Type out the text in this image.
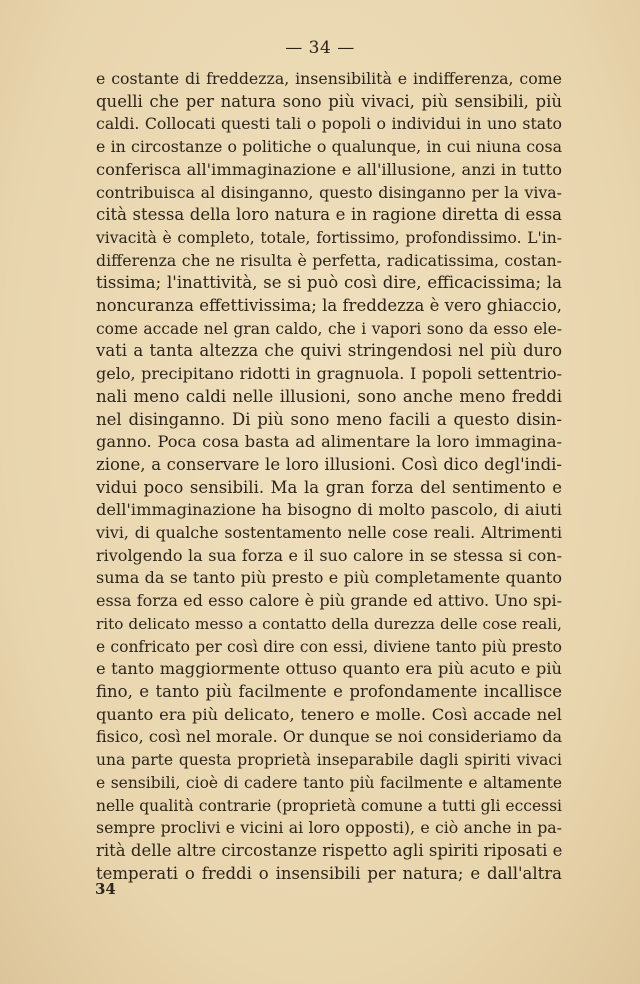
— 34 —
e costante di freddezza, insensibilità e indifferenza, come
quelli che per natura sono più vivaci, più sensibili, più
caldi. Collocati questi tali o popoli o individui in uno stato
e in circostanze o politiche o qualunque, in cui niuna cosa
conferisca all'immaginazione e all'illusione, anzi in tutto
contribuisca al disinganno, questo disinganno per la viva-
cità stessa della loro natura e in ragione diretta di essa
vivacità è completo, totale, fortissimo, profondissimo. L'in-
differenza che ne risulta è perfetta, radicatissima, costan-
tissima; l'inattività, se si può così dire, efficacissima; la
noncuranza effettivissima; la freddezza è vero ghiaccio,
come accade nel gran caldo, che i vapori sono da esso ele-
vati a tanta altezza che quivi stringendosi nel più duro
gelo, precipitano ridotti in gragnuola. I popoli settentrio-
nali meno caldi nelle illusioni, sono anche meno freddi
nel disinganno. Di più sono meno facili a questo disin-
ganno. Poca cosa basta ad alimentare la loro immagina-
zione, a conservare le loro illusioni. Così dico degl'indi-
vidui poco sensibili. Ma la gran forza del sentimento e
dell'immaginazione ha bisogno di molto pascolo, di aiuti
vivi, di qualche sostentamento nelle cose reali. Altrimenti
rivolgendo la sua forza e il suo calore in se stessa si con-
suma da se tanto più presto e più completamente quanto
essa forza ed esso calore è più grande ed attivo. Uno spi-
rito delicato messo a contatto della durezza delle cose reali,
e confricato per così dire con essi, diviene tanto più presto
e tanto maggiormente ottuso quanto era più acuto e più
fino, e tanto più facilmente e profondamente incallisce
quanto era più delicato, tenero e molle. Così accade nel
fisico, così nel morale. Or dunque se noi consideriamo da
una parte questa proprietà inseparabile dagli spiriti vivaci
e sensibili, cioè di cadere tanto più facilmente e altamente
nelle qualità contrarie (proprietà comune a tutti gli eccessi
sempre proclivi e vicini ai loro opposti), e ciò anche in pa-
rità delle altre circostanze rispetto agli spiriti riposati e
temperati o freddi o insensibili per natura; e dall'altra
34
